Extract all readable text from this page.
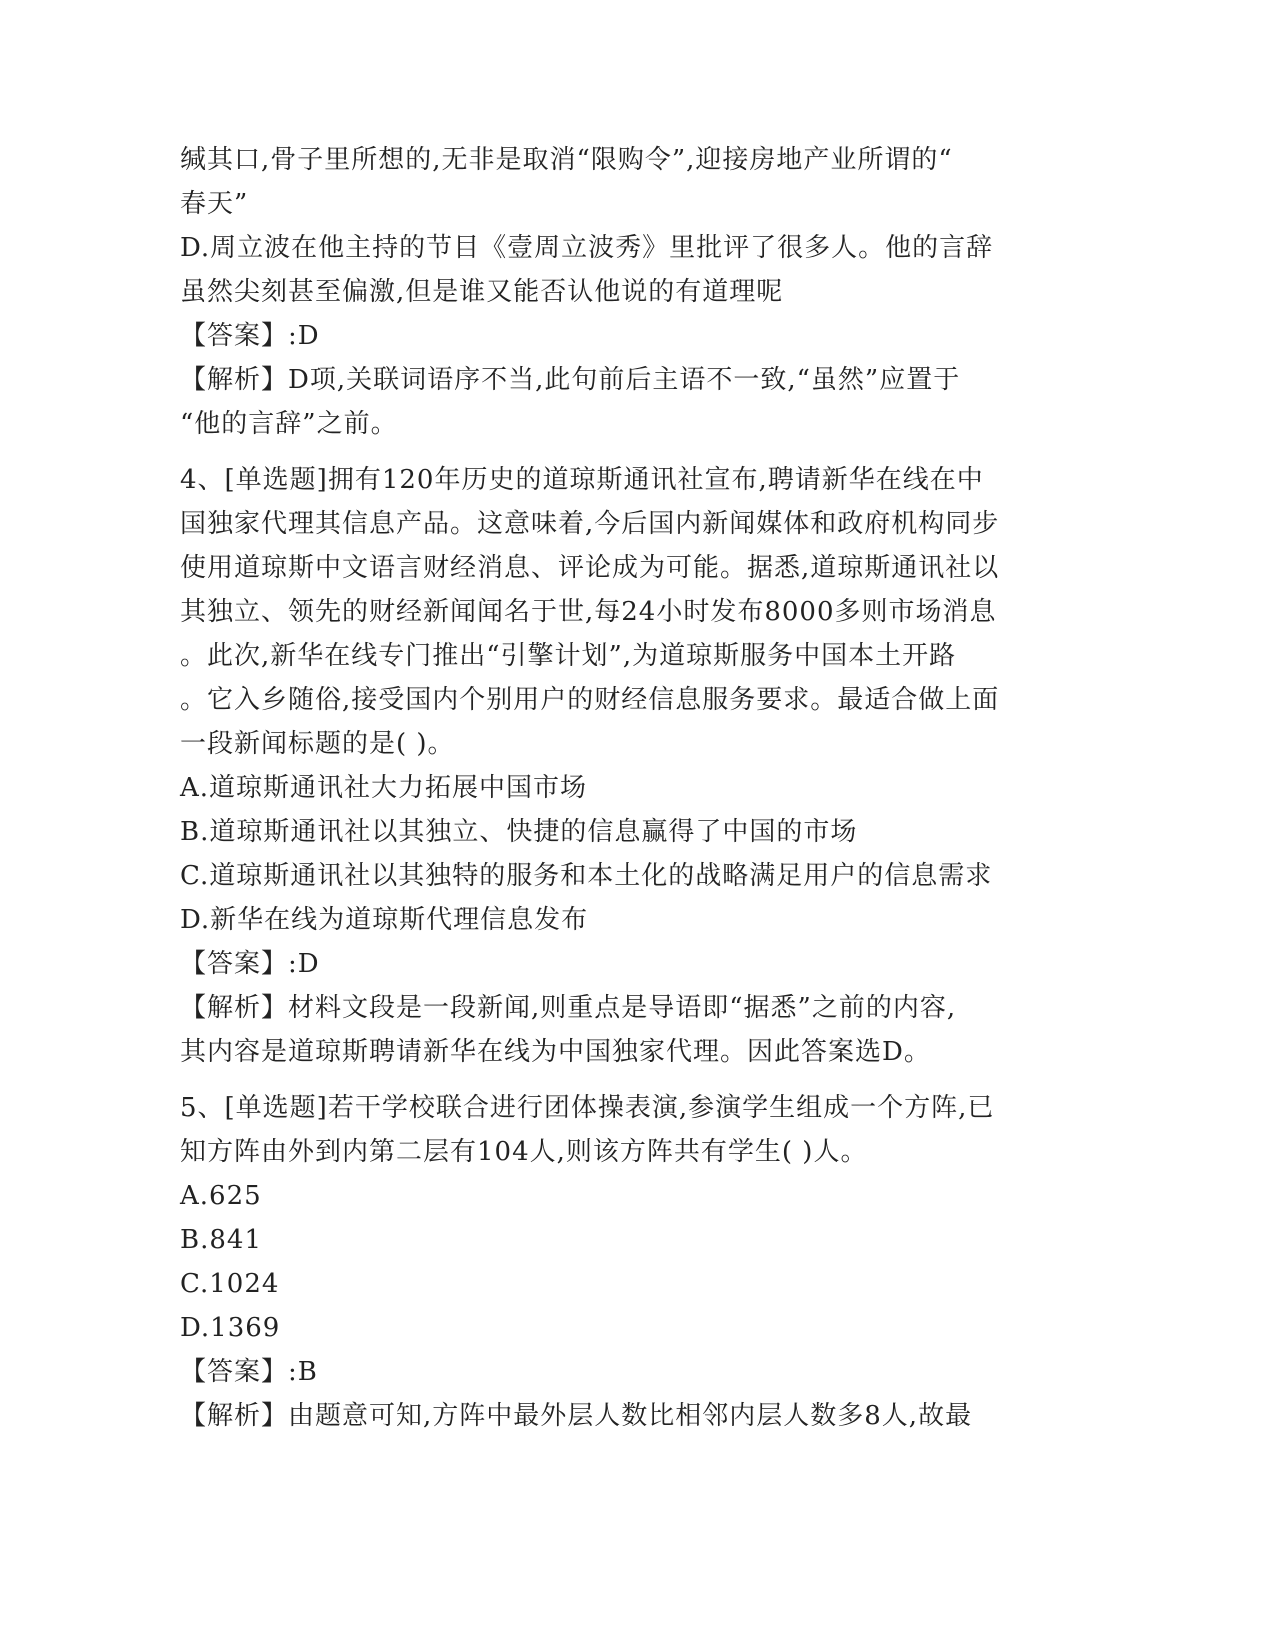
缄其口,骨子里所想的,无非是取消“限购令”,迎接房地产业所谓的“
春天”
D.周立波在他主持的节目《壹周立波秀》里批评了很多人。他的言辞
虽然尖刻甚至偏激,但是谁又能否认他说的有道理呢
【答案】:D
【解析】D项,关联词语序不当,此句前后主语不一致,“虽然”应置于
“他的言辞”之前。
4、[单选题]拥有120年历史的道琼斯通讯社宣布,聘请新华在线在中
国独家代理其信息产品。这意味着,今后国内新闻媒体和政府机构同步
使用道琼斯中文语言财经消息、评论成为可能。据悉,道琼斯通讯社以
其独立、领先的财经新闻闻名于世,每24小时发布8000多则市场消息
。此次,新华在线专门推出“引擎计划”,为道琼斯服务中国本土开路
。它入乡随俗,接受国内个别用户的财经信息服务要求。最适合做上面
一段新闻标题的是( )。
A.道琼斯通讯社大力拓展中国市场
B.道琼斯通讯社以其独立、快捷的信息赢得了中国的市场
C.道琼斯通讯社以其独特的服务和本土化的战略满足用户的信息需求
D.新华在线为道琼斯代理信息发布
【答案】:D
【解析】材料文段是一段新闻,则重点是导语即“据悉”之前的内容,
其内容是道琼斯聘请新华在线为中国独家代理。因此答案选D。
5、[单选题]若干学校联合进行团体操表演,参演学生组成一个方阵,已
知方阵由外到内第二层有104人,则该方阵共有学生( )人。
A.625
B.841
C.1024
D.1369
【答案】:B
【解析】由题意可知,方阵中最外层人数比相邻内层人数多8人,故最
